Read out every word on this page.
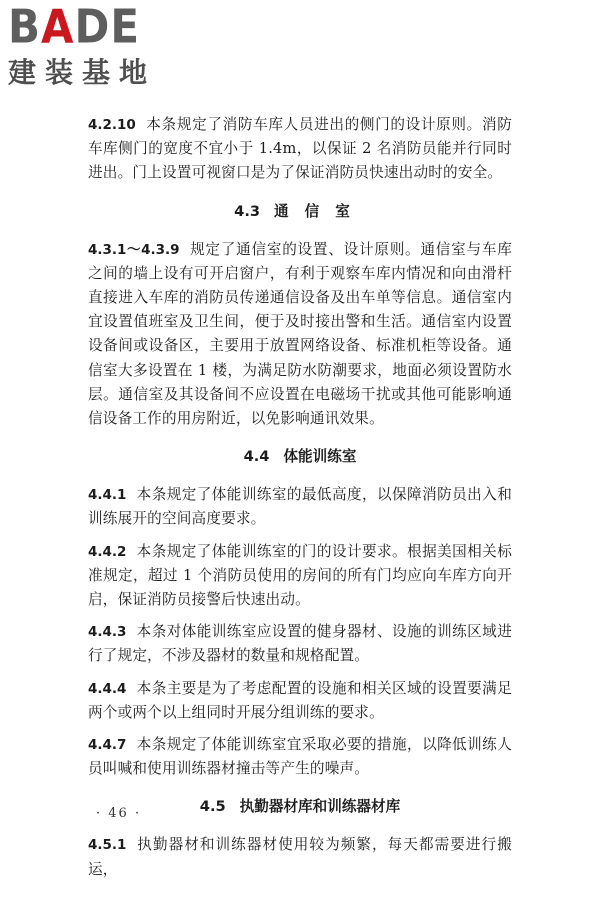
BADE
建装基地

4.2.10 本条规定了消防车库人员进出的侧门的设计原则。消防车库侧门的宽度不宜小于 1.4m，以保证 2 名消防员能并行同时进出。门上设置可视窗口是为了保证消防员快速出动时的安全。

4.3 通信室

4.3.1～4.3.9 规定了通信室的设置、设计原则。通信室与车库之间的墙上设有可开启窗户，有利于观察车库内情况和向由滑杆直接进入车库的消防员传递通信设备及出车单等信息。通信室内宜设置值班室及卫生间，便于及时接出警和生活。通信室内设置设备间或设备区，主要用于放置网络设备、标准机柜等设备。通信室大多设置在 1 楼，为满足防水防潮要求，地面必须设置防水层。通信室及其设备间不应设置在电磁场干扰或其他可能影响通信设备工作的用房附近，以免影响通讯效果。

4.4 体能训练室

4.4.1 本条规定了体能训练室的最低高度，以保障消防员出入和训练展开的空间高度要求。

4.4.2 本条规定了体能训练室的门的设计要求。根据美国相关标准规定，超过 1 个消防员使用的房间的所有门均应向车库方向开启，保证消防员接警后快速出动。

4.4.3 本条对体能训练室应设置的健身器材、设施的训练区域进行了规定，不涉及器材的数量和规格配置。

4.4.4 本条主要是为了考虑配置的设施和相关区域的设置要满足两个或两个以上组同时开展分组训练的要求。

4.4.7 本条规定了体能训练室宜采取必要的措施，以降低训练人员叫喊和使用训练器材撞击等产生的噪声。

4.5 执勤器材库和训练器材库

4.5.1 执勤器材和训练器材使用较为频繁，每天都需要进行搬运，

· 46 ·
